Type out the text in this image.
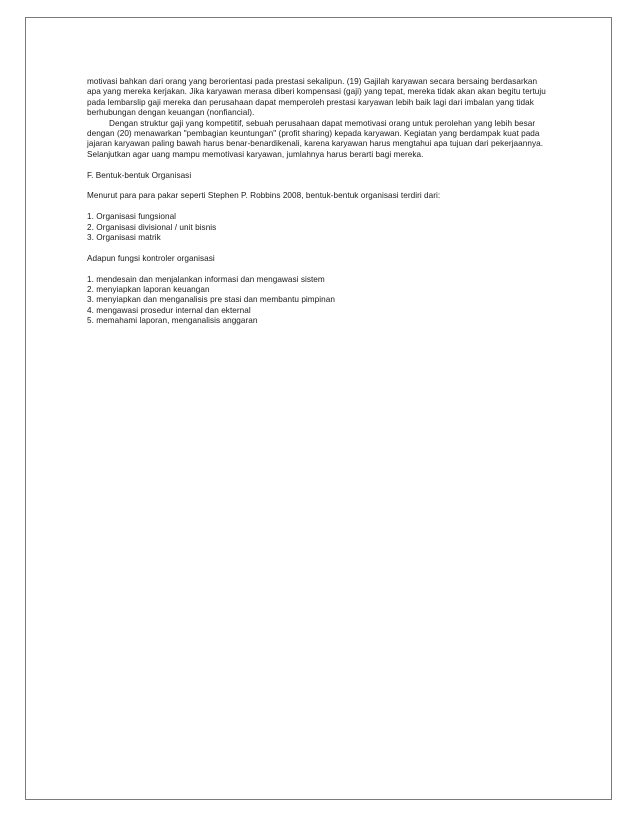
motivasi bahkan dari orang yang berorientasi pada prestasi sekalipun. (19) Gajilah karyawan secara bersaing berdasarkan apa yang mereka kerjakan. Jika karyawan merasa diberi kompensasi (gaji) yang tepat, mereka tidak akan akan begitu tertuju pada lembarslip gaji mereka dan perusahaan dapat memperoleh prestasi karyawan lebih baik lagi dari imbalan yang tidak berhubungan dengan keuangan (nonfiancial).

Dengan struktur gaji yang kompetitif, sebuah perusahaan dapat memotivasi orang untuk perolehan yang lebih besar dengan (20) menawarkan "pembagian keuntungan" (profit sharing) kepada karyawan. Kegiatan yang berdampak kuat pada jajaran karyawan paling bawah harus benar-benardikenali, karena karyawan harus mengtahui apa tujuan dari pekerjaannya. Selanjutkan agar uang mampu memotivasi karyawan, jumlahnya harus berarti bagi mereka.

F. Bentuk-bentuk Organisasi

Menurut para para pakar seperti Stephen P. Robbins 2008, bentuk-bentuk organisasi terdiri dari:

1. Organisasi fungsional
2. Organisasi divisional / unit bisnis
3. Organisasi matrik

Adapun fungsi kontroler organisasi

1. mendesain dan menjalankan informasi dan mengawasi sistem
2. menyiapkan laporan keuangan
3. menyiapkan dan menganalisis pre stasi dan membantu pimpinan
4. mengawasi prosedur internal dan ekternal
5. memahami laporan, menganalisis anggaran
